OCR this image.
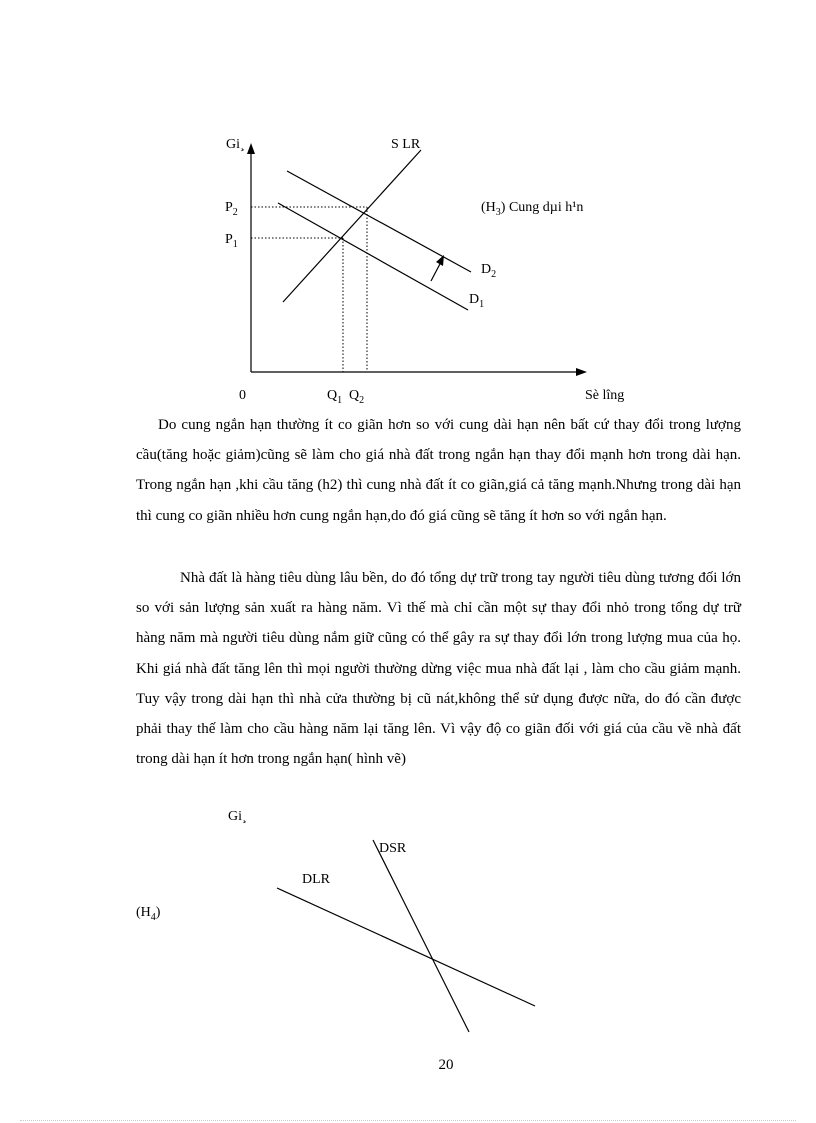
Gi¸	S LR
$P_2$
$P_1$
$(H_3)$ Cung dµi h¹n
$D_2$
$D_1$
0	$Q_1$ $Q_2$	Sè lîng

Do cung ngắn hạn thường ít co giãn hơn so với cung dài hạn nên bất cứ thay đổi trong lượng cầu(tăng hoặc giảm)cũng sẽ làm cho giá nhà đất trong ngắn hạn thay đổi mạnh hơn trong dài hạn. Trong ngắn hạn ,khi cầu tăng (h2) thì cung nhà đất ít co giãn,giá cả tăng mạnh.Nhưng trong dài hạn thì cung co giãn nhiều hơn cung ngắn hạn,do đó giá cũng sẽ tăng ít hơn so với ngắn hạn.

Nhà đất là hàng tiêu dùng lâu bền, do đó tổng dự trữ trong tay người tiêu dùng tương đối lớn so với sản lượng sản xuất ra hàng năm. Vì thế mà chỉ cần một sự thay đổi nhỏ trong tổng dự trữ hàng năm mà người tiêu dùng nắm giữ cũng có thể gây ra sự thay đổi lớn trong lượng mua của họ. Khi giá nhà đất tăng lên thì mọi người thường dừng việc mua nhà đất lại , làm cho cầu giảm mạnh. Tuy vậy trong dài hạn thì nhà cửa thường bị cũ nát,không thể sử dụng được nữa, do đó cần được phải thay thế làm cho cầu hàng năm lại tăng lên. Vì vậy độ co giãn đối với giá của cầu về nhà đất trong dài hạn ít hơn trong ngắn hạn( hình vẽ)

Gi¸
DSR
DLR
$(H_4)$
20
